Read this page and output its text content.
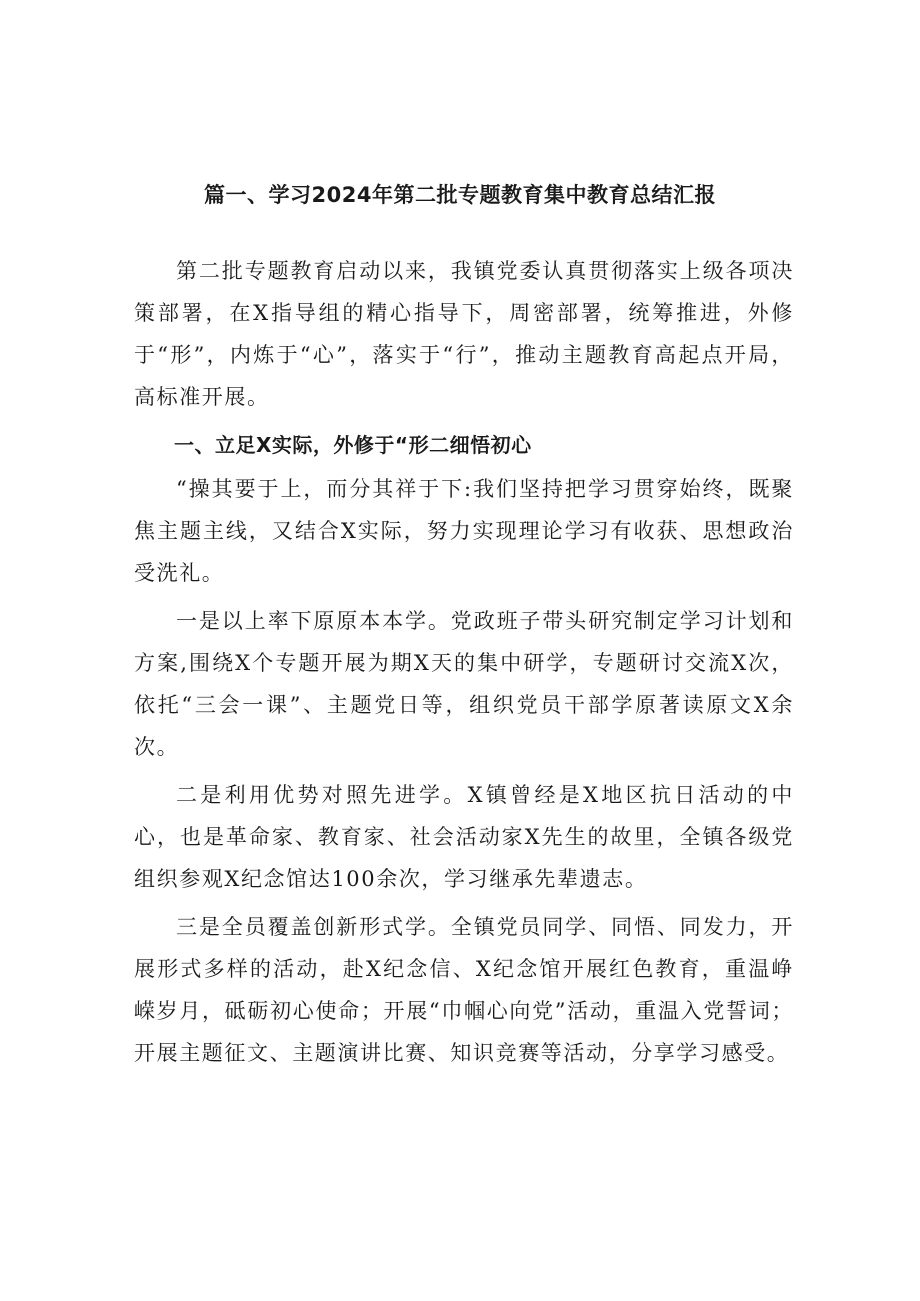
篇一、学习2024年第二批专题教育集中教育总结汇报

第二批专题教育启动以来，我镇党委认真贯彻落实上级各项决策部署，在X指导组的精心指导下，周密部署，统筹推进，外修于“形”，内炼于“心”，落实于“行”，推动主题教育高起点开局，高标准开展。

一、立足X实际，外修于“形二细悟初心

“操其要于上，而分其祥于下:我们坚持把学习贯穿始终，既聚焦主题主线，又结合X实际，努力实现理论学习有收获、思想政治受洗礼。

一是以上率下原原本本学。党政班子带头研究制定学习计划和方案,围绕X个专题开展为期X天的集中研学，专题研讨交流X次，依托“三会一课”、主题党日等，组织党员干部学原著读原文X余次。

二是利用优势对照先进学。X镇曾经是X地区抗日活动的中心，也是革命家、教育家、社会活动家X先生的故里，全镇各级党组织参观X纪念馆达100余次，学习继承先辈遗志。

三是全员覆盖创新形式学。全镇党员同学、同悟、同发力，开展形式多样的活动，赴X纪念信、X纪念馆开展红色教育，重温峥嵘岁月，砥砺初心使命；开展“巾帼心向党”活动，重温入党誓词；开展主题征文、主题演讲比赛、知识竞赛等活动，分享学习感受。
